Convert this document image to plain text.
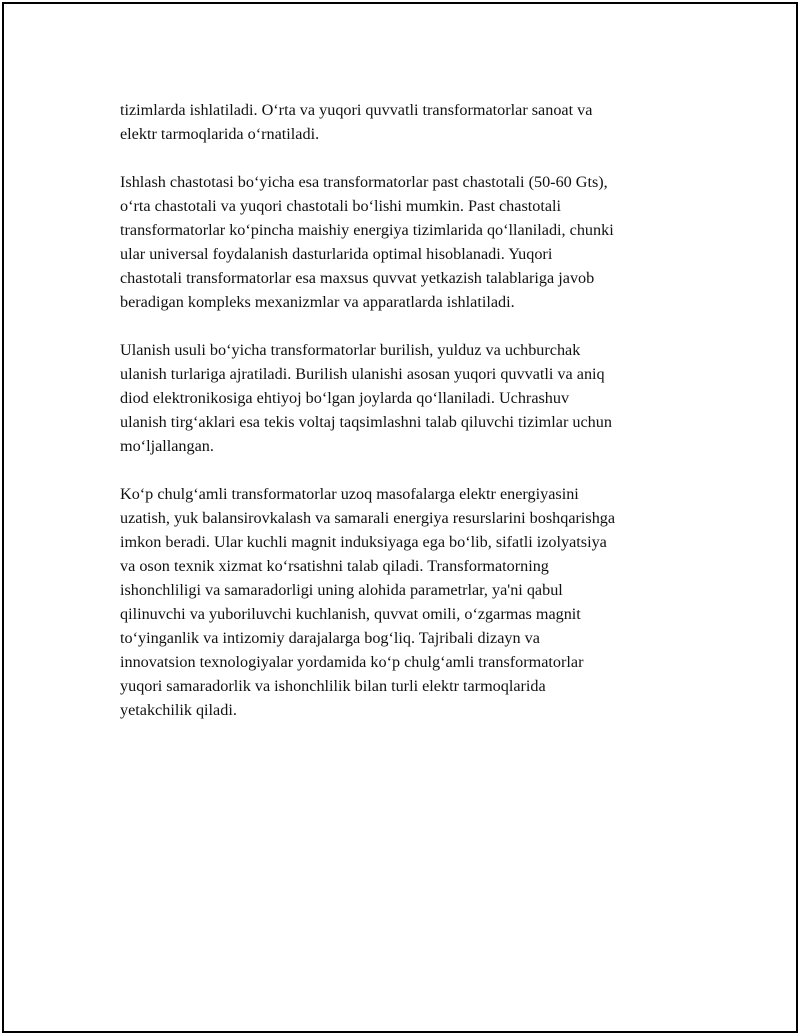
tizimlarda ishlatiladi. O‘rta va yuqori quvvatli transformatorlar sanoat va
elektr tarmoqlarida o‘rnatiladi.

Ishlash chastotasi bo‘yicha esa transformatorlar past chastotali (50-60 Gts),
o‘rta chastotali va yuqori chastotali bo‘lishi mumkin. Past chastotali
transformatorlar ko‘pincha maishiy energiya tizimlarida qo‘llaniladi, chunki
ular universal foydalanish dasturlarida optimal hisoblanadi. Yuqori
chastotali transformatorlar esa maxsus quvvat yetkazish talablariga javob
beradigan kompleks mexanizmlar va apparatlarda ishlatiladi.

Ulanish usuli bo‘yicha transformatorlar burilish, yulduz va uchburchak
ulanish turlariga ajratiladi. Burilish ulanishi asosan yuqori quvvatli va aniq
diod elektronikosiga ehtiyoj bo‘lgan joylarda qo‘llaniladi. Uchrashuv
ulanish tirg‘aklari esa tekis voltaj taqsimlashni talab qiluvchi tizimlar uchun
mo‘ljallangan.

Ko‘p chulg‘amli transformatorlar uzoq masofalarga elektr energiyasini
uzatish, yuk balansirovkalash va samarali energiya resurslarini boshqarishga
imkon beradi. Ular kuchli magnit induksiyaga ega bo‘lib, sifatli izolyatsiya
va oson texnik xizmat ko‘rsatishni talab qiladi. Transformatorning
ishonchliligi va samaradorligi uning alohida parametrlar, ya'ni qabul
qilinuvchi va yuboriluvchi kuchlanish, quvvat omili, o‘zgarmas magnit
to‘yinganlik va intizomiy darajalarga bog‘liq. Tajribali dizayn va
innovatsion texnologiyalar yordamida ko‘p chulg‘amli transformatorlar
yuqori samaradorlik va ishonchlilik bilan turli elektr tarmoqlarida
yetakchilik qiladi.
